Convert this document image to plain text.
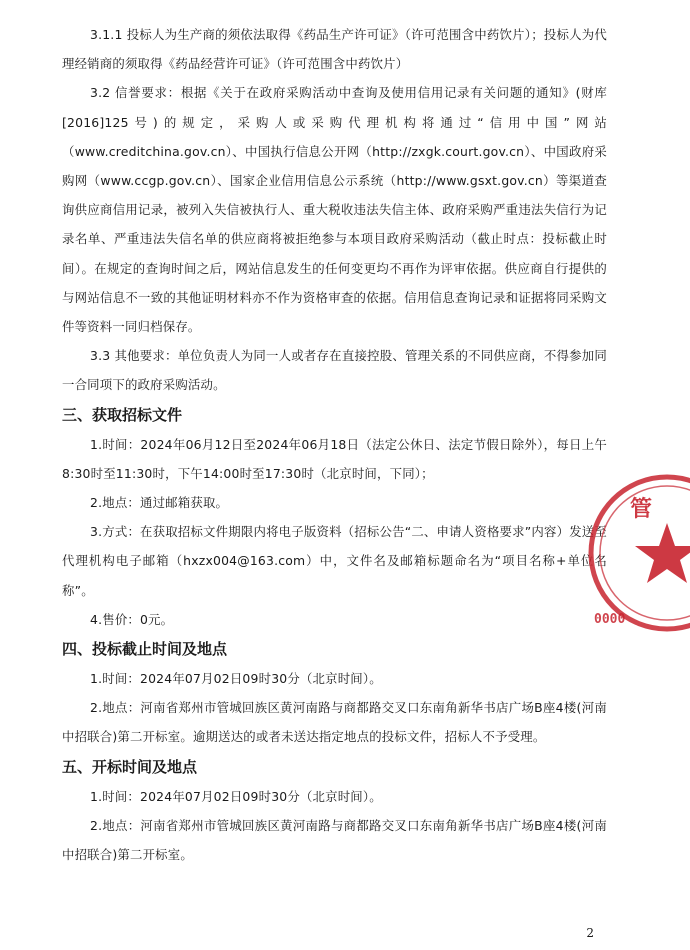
3.1.1 投标人为生产商的须依法取得《药品生产许可证》（许可范围含中药饮片）；投标人为代理经销商的须取得《药品经营许可证》（许可范围含中药饮片）

3.2 信誉要求：根据《关于在政府采购活动中查询及使用信用记录有关问题的通知》(财库[2016]125号)的规定，采购人或采购代理机构将通过“信用中国”网站（www.creditchina.gov.cn）、中国执行信息公开网（http://zxgk.court.gov.cn）、中国政府采购网（www.ccgp.gov.cn）、国家企业信用信息公示系统（http://www.gsxt.gov.cn）等渠道查询供应商信用记录，被列入失信被执行人、重大税收违法失信主体、政府采购严重违法失信行为记录名单、严重违法失信名单的供应商将被拒绝参与本项目政府采购活动（截止时点：投标截止时间）。在规定的查询时间之后，网站信息发生的任何变更均不再作为评审依据。供应商自行提供的与网站信息不一致的其他证明材料亦不作为资格审查的依据。信用信息查询记录和证据将同采购文件等资料一同归档保存。

3.3 其他要求：单位负责人为同一人或者存在直接控股、管理关系的不同供应商，不得参加同一合同项下的政府采购活动。

三、获取招标文件

1.时间：2024年06月12日至2024年06月18日（法定公休日、法定节假日除外），每日上午8:30时至11:30时，下午14:00时至17:30时（北京时间，下同）；

2.地点：通过邮箱获取。

3.方式：在获取招标文件期限内将电子版资料（招标公告“二、申请人资格要求”内容）发送至代理机构电子邮箱（hxzx004@163.com）中，文件名及邮箱标题命名为“项目名称+单位名称”。

4.售价：0元。

四、投标截止时间及地点

1.时间：2024年07月02日09时30分（北京时间）。

2.地点：河南省郑州市管城回族区黄河南路与商都路交叉口东南角新华书店广场B座4楼(河南中招联合)第二开标室。逾期送达的或者未送达指定地点的投标文件，招标人不予受理。

五、开标时间及地点

1.时间：2024年07月02日09时30分（北京时间）。

2.地点：河南省郑州市管城回族区黄河南路与商都路交叉口东南角新华书店广场B座4楼(河南中招联合)第二开标室。

管
0000
2
